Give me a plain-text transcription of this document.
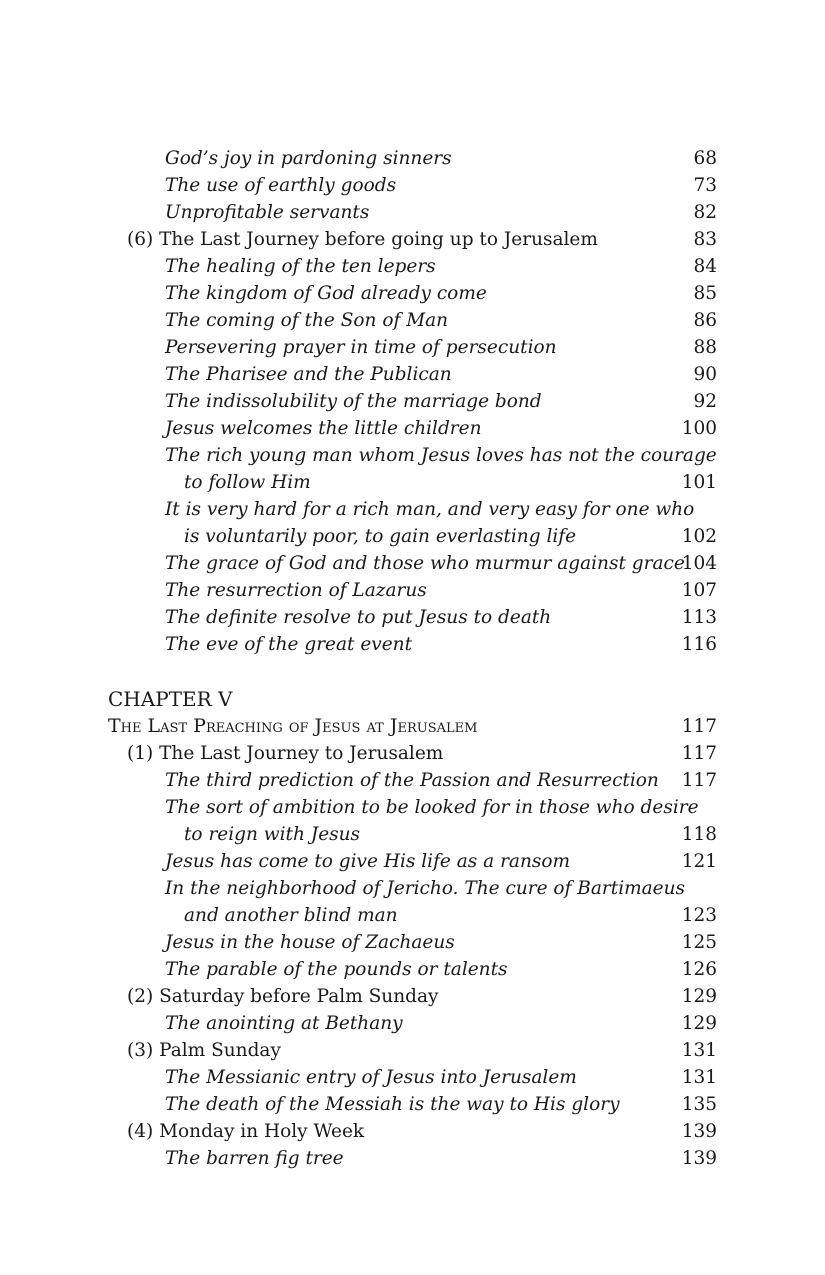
God’s joy in pardoning sinners	68
The use of earthly goods	73
Unprofitable servants	82
(6) The Last Journey before going up to Jerusalem	83
The healing of the ten lepers	84
The kingdom of God already come	85
The coming of the Son of Man	86
Persevering prayer in time of persecution	88
The Pharisee and the Publican	90
The indissolubility of the marriage bond	92
Jesus welcomes the little children	100
The rich young man whom Jesus loves has not the courage
to follow Him	101
It is very hard for a rich man, and very easy for one who
is voluntarily poor, to gain everlasting life	102
The grace of God and those who murmur against grace
104
The resurrection of Lazarus	107
The definite resolve to put Jesus to death	113
The eve of the great event	116
CHAPTER V
The Last Preaching of Jesus at Jerusalem	117
(1) The Last Journey to Jerusalem	117
The third prediction of the Passion and Resurrection 117
The sort of ambition to be looked for in those who desire
to reign with Jesus	118
Jesus has come to give His life as a ransom	121
In the neighborhood of Jericho. The cure of Bartimaeus
and another blind man	123
Jesus in the house of Zachaeus	125
The parable of the pounds or talents	126
(2) Saturday before Palm Sunday	129
The anointing at Bethany	129
(3) Palm Sunday	131
The Messianic entry of Jesus into Jerusalem	131
The death of the Messiah is the way to His glory	135
(4) Monday in Holy Week	139
The barren fig tree	139
